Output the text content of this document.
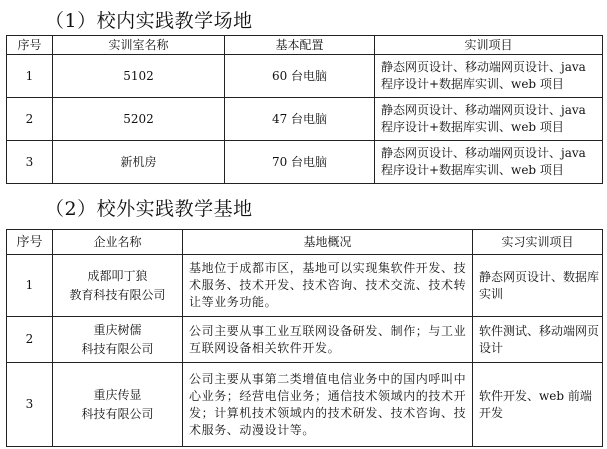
（1）校内实践教学场地
序号	实训室名称	基本配置	实训项目
1	5102	60 台电脑	静态网页设计、移动端网页设计、java
程序设计+数据库实训、web 项目

2	5202	47 台电脑	静态网页设计、移动端网页设计、java
程序设计+数据库实训、web 项目

3	新机房	70 台电脑	静态网页设计、移动端网页设计、java
程序设计+数据库实训、web 项目
（2）校外实践教学基地
序号	企业名称	基地概况	实习实训项目
1	成都叩丁狼
教育科技有限公司	基地位于成都市区，基地可以实现集软件开发、技术服务、技术开发、技术咨询、技术交流、技术转让等业务功能。	静态网页设计、数据库实训
2	重庆树儒
科技有限公司	公司主要从事工业互联网设备研发、制作；与工业互联网设备相关软件开发。	软件测试、移动端网页设计
3	重庆传显
科技有限公司	公司主要从事第二类增值电信业务中的国内呼叫中心业务；经营电信业务；通信技术领域内的技术开发；计算机技术领域内的技术研发、技术咨询、技术服务、动漫设计等。	软件开发、web 前端开发
